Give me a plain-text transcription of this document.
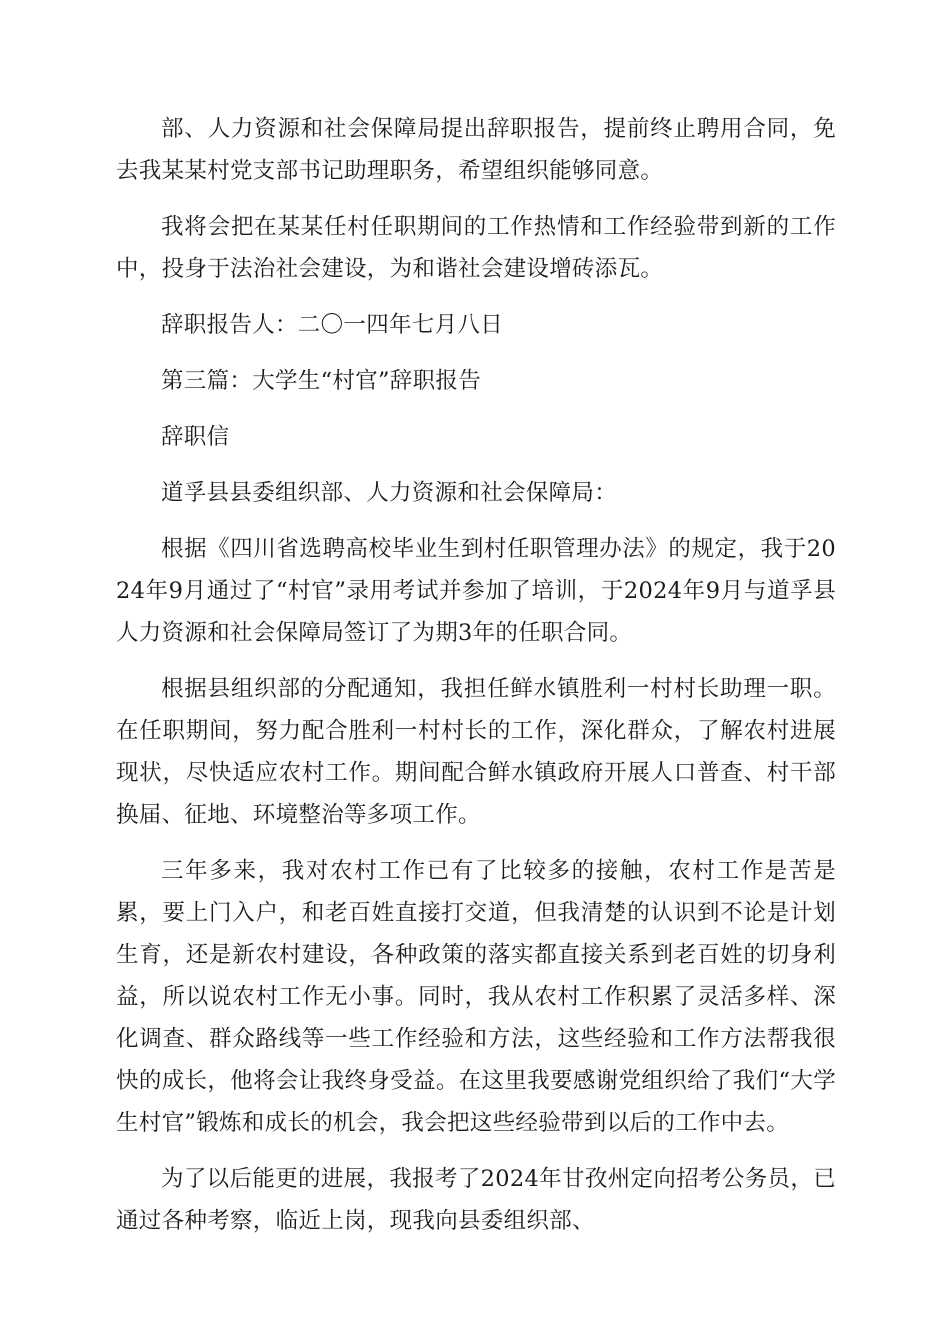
部、人力资源和社会保障局提出辞职报告，提前终止聘用合同，免去我某某村党支部书记助理职务，希望组织能够同意。

我将会把在某某任村任职期间的工作热情和工作经验带到新的工作中，投身于法治社会建设，为和谐社会建设增砖添瓦。

辞职报告人：二〇一四年七月八日

第三篇：大学生“村官”辞职报告

辞职信

道孚县县委组织部、人力资源和社会保障局：

根据《四川省选聘高校毕业生到村任职管理办法》的规定，我于2024年9月通过了“村官”录用考试并参加了培训，于2024年9月与道孚县人力资源和社会保障局签订了为期3年的任职合同。

根据县组织部的分配通知，我担任鲜水镇胜利一村村长助理一职。在任职期间，努力配合胜利一村村长的工作，深化群众，了解农村进展现状，尽快适应农村工作。期间配合鲜水镇政府开展人口普查、村干部换届、征地、环境整治等多项工作。

三年多来，我对农村工作已有了比较多的接触，农村工作是苦是累，要上门入户，和老百姓直接打交道，但我清楚的认识到不论是计划生育，还是新农村建设，各种政策的落实都直接关系到老百姓的切身利益，所以说农村工作无小事。同时，我从农村工作积累了灵活多样、深化调查、群众路线等一些工作经验和方法，这些经验和工作方法帮我很快的成长，他将会让我终身受益。在这里我要感谢党组织给了我们“大学生村官”锻炼和成长的机会，我会把这些经验带到以后的工作中去。

为了以后能更的进展，我报考了2024年甘孜州定向招考公务员，已通过各种考察，临近上岗，现我向县委组织部、
